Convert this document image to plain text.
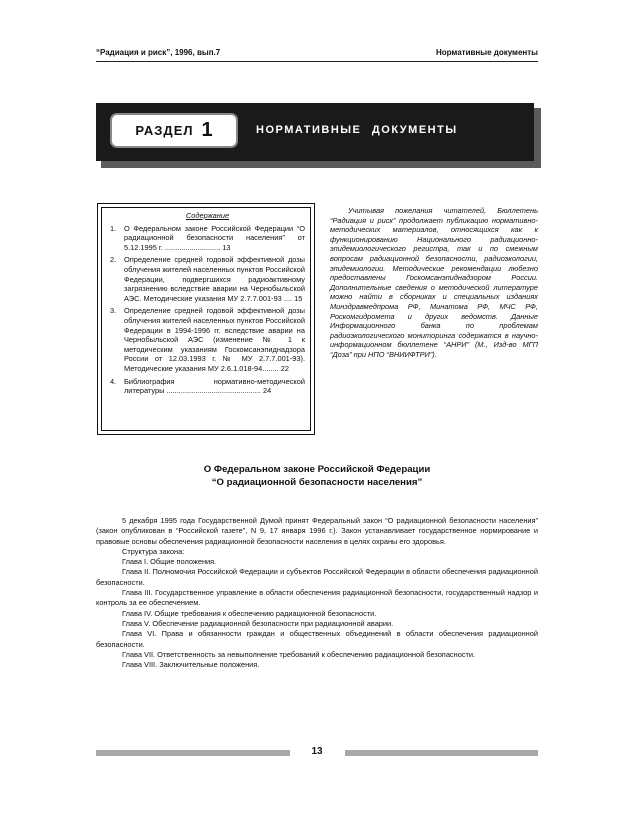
“Радиация и риск”, 1996, вып.7	Нормативные документы
РАЗДЕЛ 1	НОРМАТИВНЫЕ ДОКУМЕНТЫ
Содержание
1.	О Федеральном законе Российской Федерации “О радиационной безопасности населения” от 5.12.1995 г. ........................... 13
2.	Определение средней годовой эффективной дозы облучения жителей населенных пунктов Российской Федерации, подвергшихся радиоактивному загрязнению вследствие аварии на Чернобыльской АЭС. Методические указания МУ 2.7.7.001-93 .... 15
3.	Определение средней годовой эффективной дозы облучения жителей населенных пунктов Российской Федерации в 1994-1996 гг. вследствие аварии на Чернобыльской АЭС (изменение № 1 к методическим указаниям Госкомсанэпиднадзора России от 12.03.1993 г. № МУ 2.7.7.001-93). Методические указания МУ 2.6.1.018-94........ 22
4.	Библиография нормативно-методической литературы .............................................. 24
Учитывая пожелания читателей, Бюллетень “Радиация и риск” продолжает публикацию нормативно-методических материалов, относящихся как к функционированию Национального радиационно-эпидемиологического регистра, так и по смежным вопросам радиационной безопасности, радиоэкологии, эпидемиологии. Методические рекомендации любезно предоставлены Госкомсанэпиднадзором России. Дополнительные сведения о методической литературе можно найти в сборниках и специальных изданиях Минздравмедпрома РФ, Минатома РФ, МЧС РФ, Роскомгидромета и других ведомств. Данные Информационного банка по проблемам радиоэкологического мониторинга содержатся в научно-информационном бюллетене “АНРИ” (М., Изд-во МГП “Доза” при НПО “ВНИИФТРИ”).
О Федеральном законе Российской Федерации
“О радиационной безопасности населения”

5 декабря 1995 года Государственной Думой принят Федеральный закон “О радиационной безопасности населения” (закон опубликован в “Российской газете”, N 9, 17 января 1996 г.). Закон устанавливает государственное нормирование и правовые основы обеспечения радиационной безопасности населения в целях охраны его здоровья.

Структура закона:

Глава I. Общие положения.

Глава II. Полномочия Российской Федерации и субъектов Российской Федерации в области обеспечения радиационной безопасности.

Глава III. Государственное управление в области обеспечения радиационной безопасности, государственный надзор и контроль за ее обеспечением.

Глава IV. Общие требования к обеспечению радиационной безопасности.

Глава V. Обеспечение радиационной безопасности при радиационной аварии.

Глава VI. Права и обязанности граждан и общественных объединений в области обеспечения радиационной безопасности.

Глава VII. Ответственность за невыполнение требований к обеспечению радиационной безопасности.

Глава VIII. Заключительные положения.

13
